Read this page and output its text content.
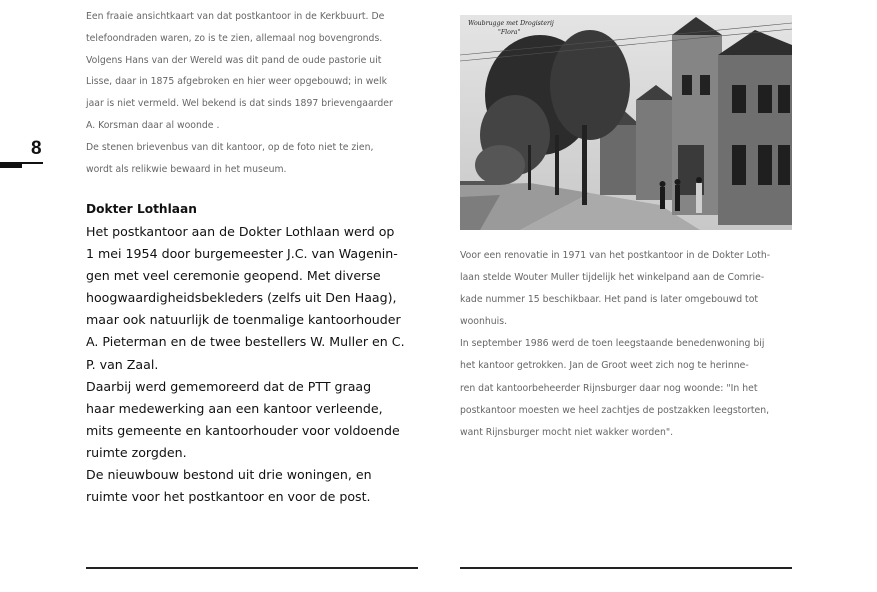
8

Een fraaie ansichtkaart van dat postkantoor in de Kerkbuurt. De

telefoondraden waren, zo is te zien, allemaal nog bovengronds.

Volgens Hans van der Wereld was dit pand de oude pastorie uit

Lisse, daar in 1875 afgebroken en hier weer opgebouwd; in welk

jaar is niet vermeld. Wel bekend is dat sinds 1897 brievengaarder

A. Korsman daar al woonde .

De stenen brievenbus van dit kantoor, op de foto niet te zien,

wordt als relikwie bewaard in het museum.

Dokter Lothlaan

Het postkantoor aan de Dokter Lothlaan werd op

1 mei 1954 door burgemeester J.C. van Wagenin-

gen met veel ceremonie geopend. Met diverse

hoogwaardigheidsbekleders (zelfs uit Den Haag),

maar ook natuurlijk de toenmalige kantoorhouder

A. Pieterman en de twee bestellers W. Muller en C.

P. van Zaal.

Daarbij werd gememoreerd dat de PTT graag

haar medewerking aan een kantoor verleende,

mits gemeente en kantoorhouder voor voldoende

ruimte zorgden.

De nieuwbouw bestond uit drie woningen, en

ruimte voor het postkantoor en voor de post.

Woubrugge met Drogisterij
"Flora"

Voor een renovatie in 1971 van het postkantoor in de Dokter Loth-

laan stelde Wouter Muller tijdelijk het winkelpand aan de Comrie-

kade nummer 15 beschikbaar. Het pand is later omgebouwd tot

woonhuis.

In september 1986 werd de toen leegstaande benedenwoning bij

het kantoor getrokken. Jan de Groot weet zich nog te herinne-

ren dat kantoorbeheerder Rijnsburger daar nog woonde: "In het

postkantoor moesten we heel zachtjes de postzakken leegstorten,

want Rijnsburger mocht niet wakker worden".
